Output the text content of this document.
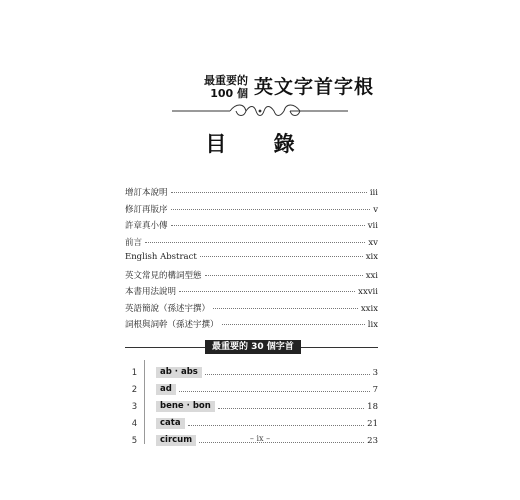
最重要的
100 個 英文字首字根
目 錄
增訂本說明	iii
修訂再版序	v
許章真小傳	vii
前言	xv
English Abstract	xix
英文常見的構詞型態	xxi
本書用法說明	xxvii
英語簡說（孫述宇撰）	xxix
詞根與詞幹（孫述宇撰）	lix
最重要的 30 個字首
1	ab · abs	3
2	ad	7
3	bene · bon	18
4	cata	21
5	circum	23
– ix –
